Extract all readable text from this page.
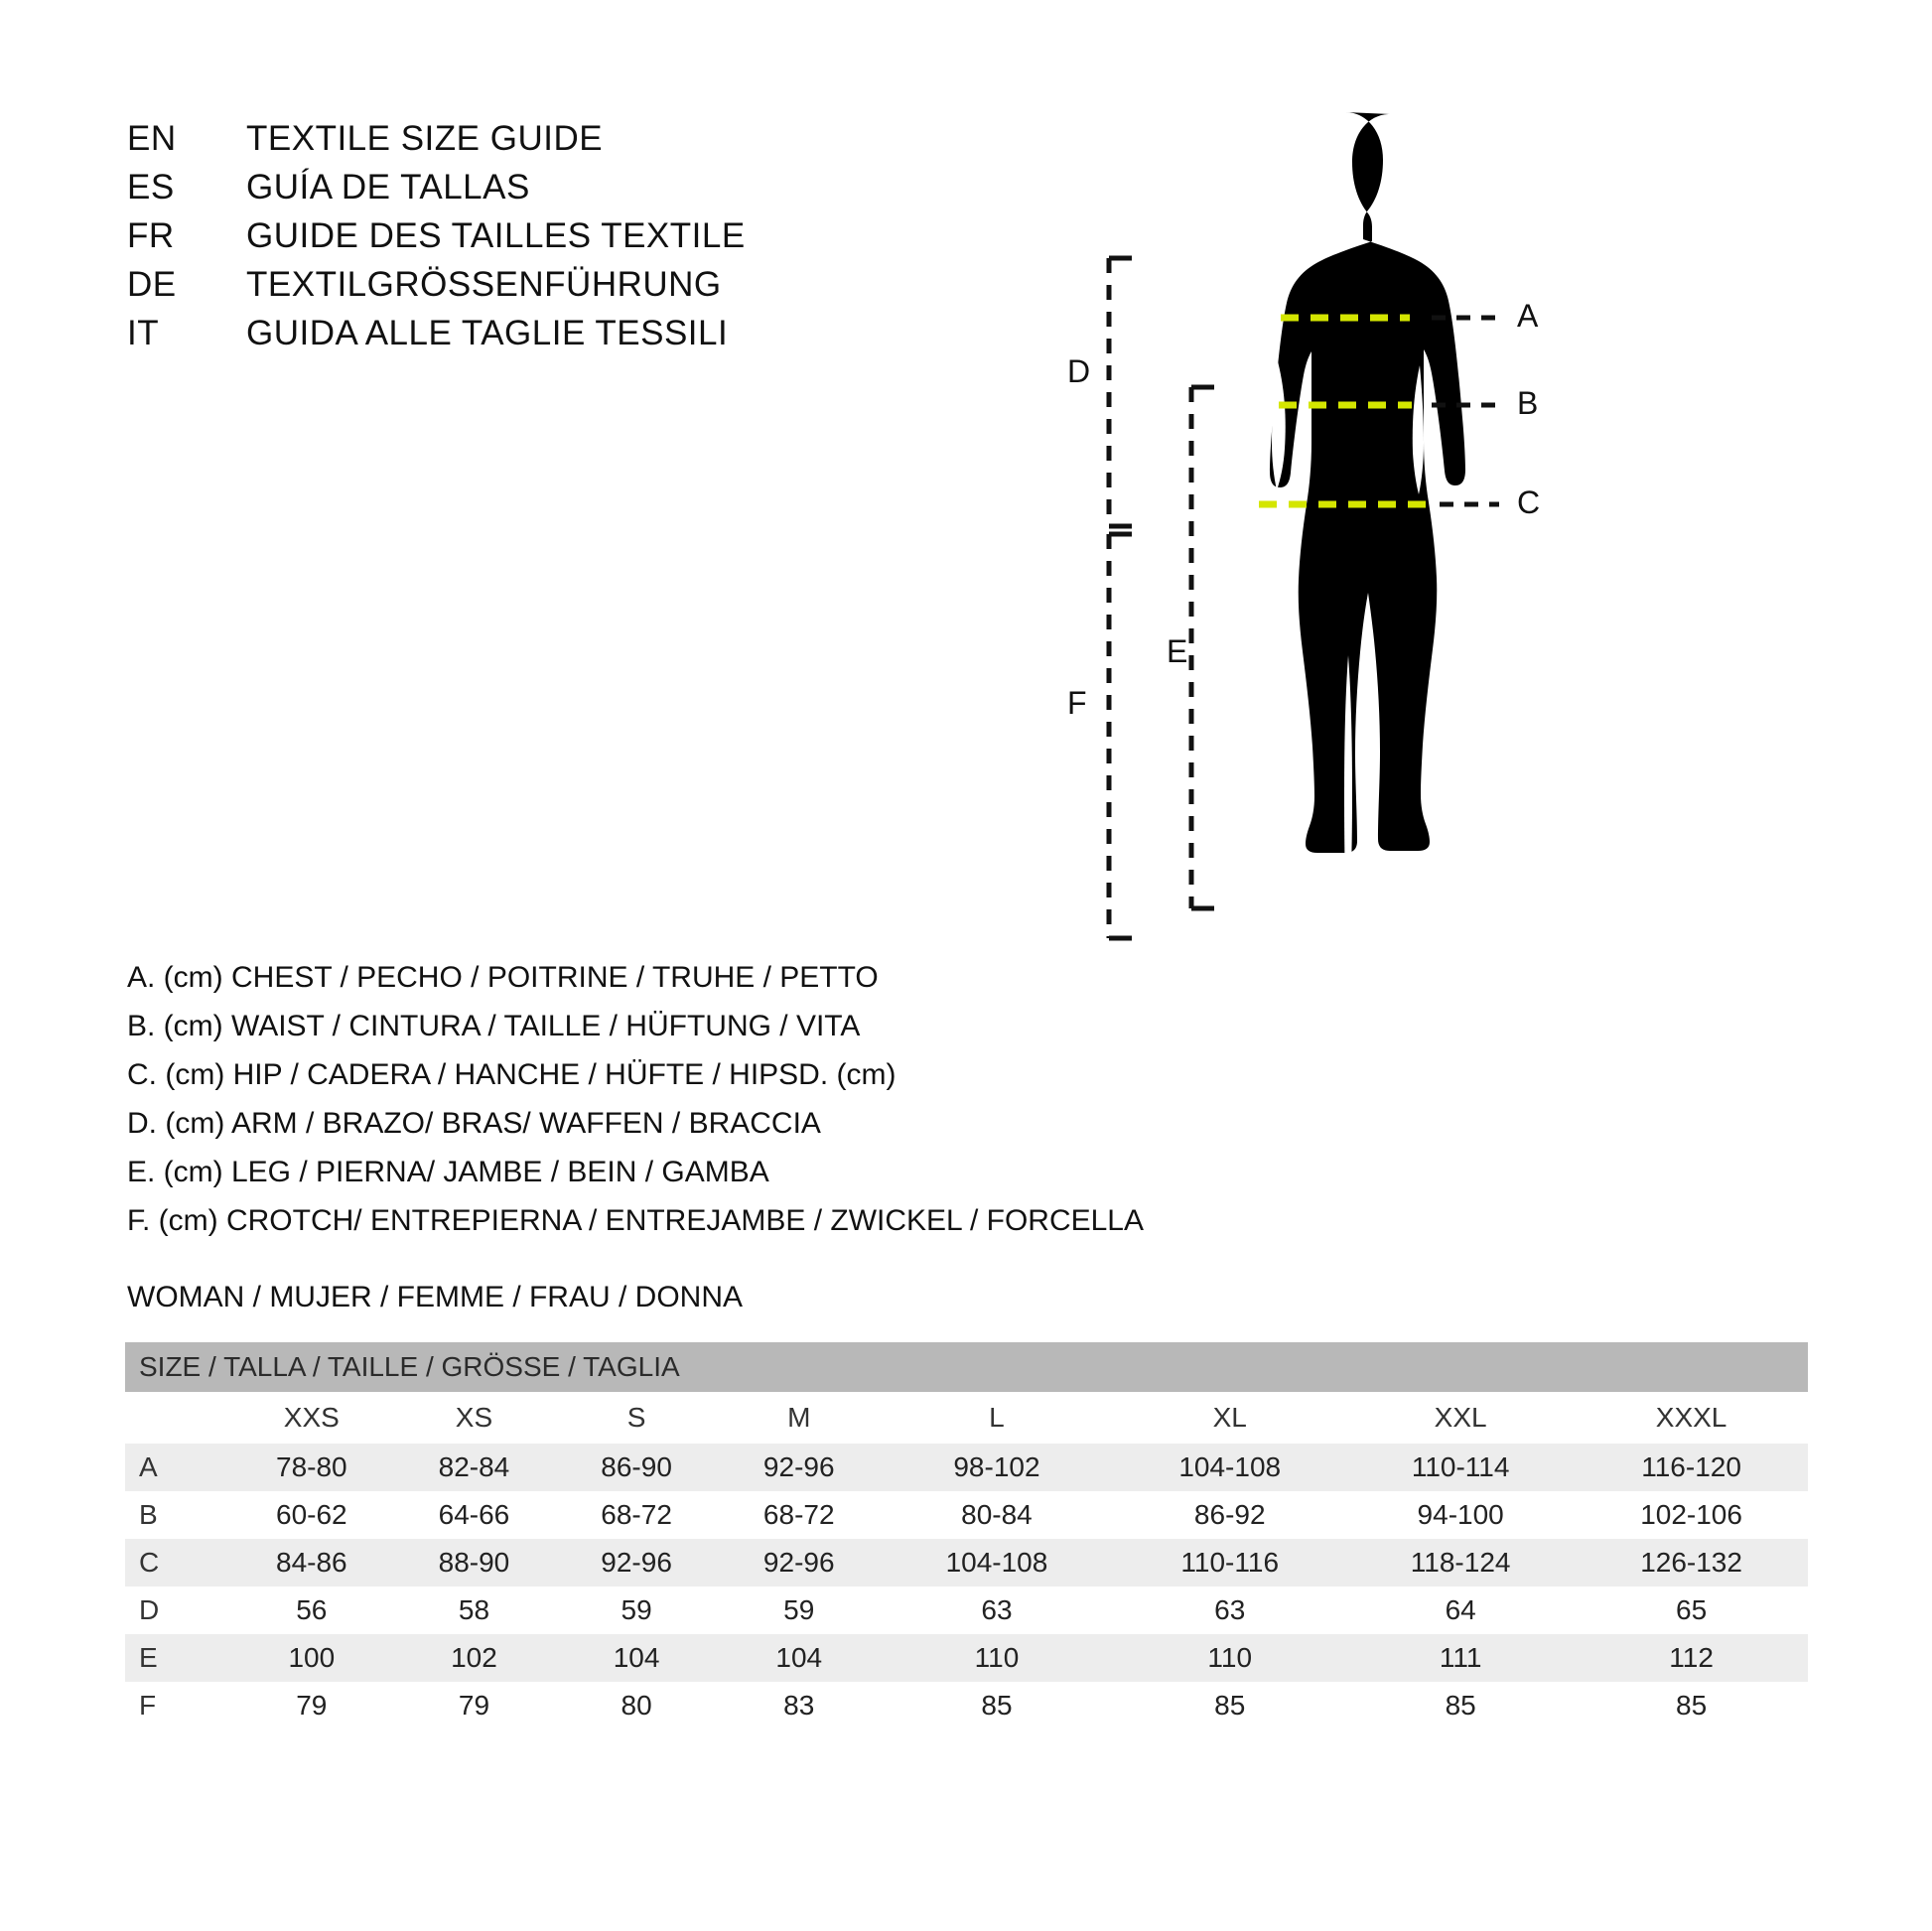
EN	TEXTILE SIZE GUIDE
ES	GUÍA DE TALLAS
FR	GUIDE DES TAILLES TEXTILE
DE	TEXTILGRÖSSENFÜHRUNG
IT	GUIDA ALLE TAGLIE TESSILI
D
F
E
A
B
C
A. (cm) CHEST / PECHO / POITRINE / TRUHE / PETTO
B. (cm) WAIST / CINTURA / TAILLE / HÜFTUNG / VITA
C. (cm) HIP / CADERA / HANCHE / HÜFTE / HIPSD. (cm)
D. (cm) ARM / BRAZO/ BRAS/ WAFFEN / BRACCIA
E. (cm) LEG / PIERNA/ JAMBE / BEIN / GAMBA
F. (cm) CROTCH/ ENTREPIERNA / ENTREJAMBE / ZWICKEL / FORCELLA
WOMAN / MUJER / FEMME / FRAU / DONNA
SIZE / TALLA / TAILLE / GRÖSSE / TAGLIA								
	XXS	XS	S	M	L	XL	XXL	XXXL
A	78-80	82-84	86-90	92-96	98-102	104-108	110-114	116-120
B	60-62	64-66	68-72	68-72	80-84	86-92	94-100	102-106
C	84-86	88-90	92-96	92-96	104-108	110-116	118-124	126-132
D	56	58	59	59	63	63	64	65
E	100	102	104	104	110	110	111	112
F	79	79	80	83	85	85	85	85
